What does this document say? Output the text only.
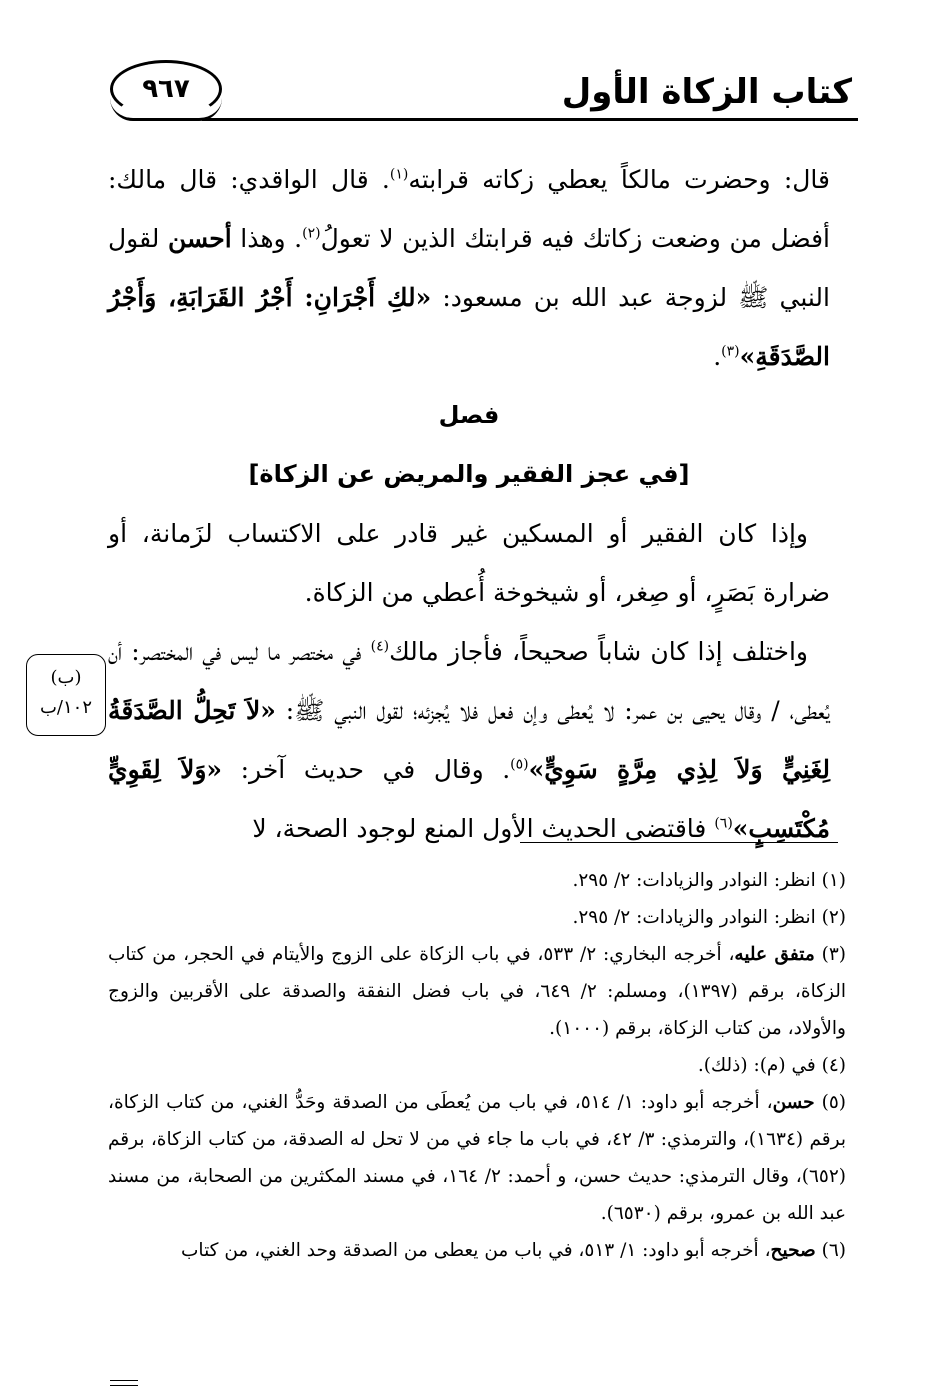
٩٦٧	كتاب الزكاة الأول

قال: وحضرت مالكاً يعطي زكاته قرابته$^{(١)}$. قال الواقدي: قال مالك: أفضل من وضعت زكاتك فيه قرابتك الذين لا تعولُ$^{(٢)}$. وهذا أحسن لقول النبي ﷺ لزوجة عبد الله بن مسعود: «لكِ أَجْرَانِ: أَجْرُ القَرَابَةِ، وَأَجْرُ الصَّدَقَةِ»$^{(٣)}$.

فصل

[في عجز الفقير والمريض عن الزكاة]

وإذا كان الفقير أو المسكين غير قادر على الاكتساب لزَمانة، أو ضرارة بَصَرٍ، أو صِغر، أو شيخوخة أُعطي من الزكاة.

واختلف إذا كان شاباً صحيحاً، فأجاز مالك$^{(٤)}$ في مختصر ما ليس في المختصر: أن يُعطى، / وقال يحيى بن عمر: لا يُعطى وإن فعل فلا يُجزئه؛ لقول النبي ﷺ: «لاَ تَحِلُّ الصَّدَقَةُ لِغَنِيٍّ وَلاَ لِذِي مِرَّةٍ سَوِيٍّ»$^{(٥)}$. وقال في حديث آخر: «وَلاَ لِقَوِيٍّ مُكْتَسِبٍ»$^{(٦)}$ فاقتضى الحديث الأول المنع لوجود الصحة، لا

(ب)
١٠٢/ب

(١) انظر: النوادر والزيادات: ٢/ ٢٩٥.

(٢) انظر: النوادر والزيادات: ٢/ ٢٩٥.

(٣) متفق عليه، أخرجه البخاري: ٢/ ٥٣٣، في باب الزكاة على الزوج والأيتام في الحجر، من كتاب الزكاة، برقم (١٣٩٧)، ومسلم: ٢/ ٦٤٩، في باب فضل النفقة والصدقة على الأقربين والزوج والأولاد، من كتاب الزكاة، برقم (١٠٠٠).

(٤) في (م): (ذلك).

(٥) حسن، أخرجه أبو داود: ١/ ٥١٤، في باب من يُعطَى من الصدقة وحَدُّ الغني، من كتاب الزكاة، برقم (١٦٣٤)، والترمذي: ٣/ ٤٢، في باب ما جاء في من لا تحل له الصدقة، من كتاب الزكاة، برقم (٦٥٢)، وقال الترمذي: حديث حسن، و أحمد: ٢/ ١٦٤، في مسند المكثرين من الصحابة، من مسند عبد الله بن عمرو، برقم (٦٥٣٠).

(٦) صحيح، أخرجه أبو داود: ١/ ٥١٣، في باب من يعطى من الصدقة وحد الغني، من كتاب
